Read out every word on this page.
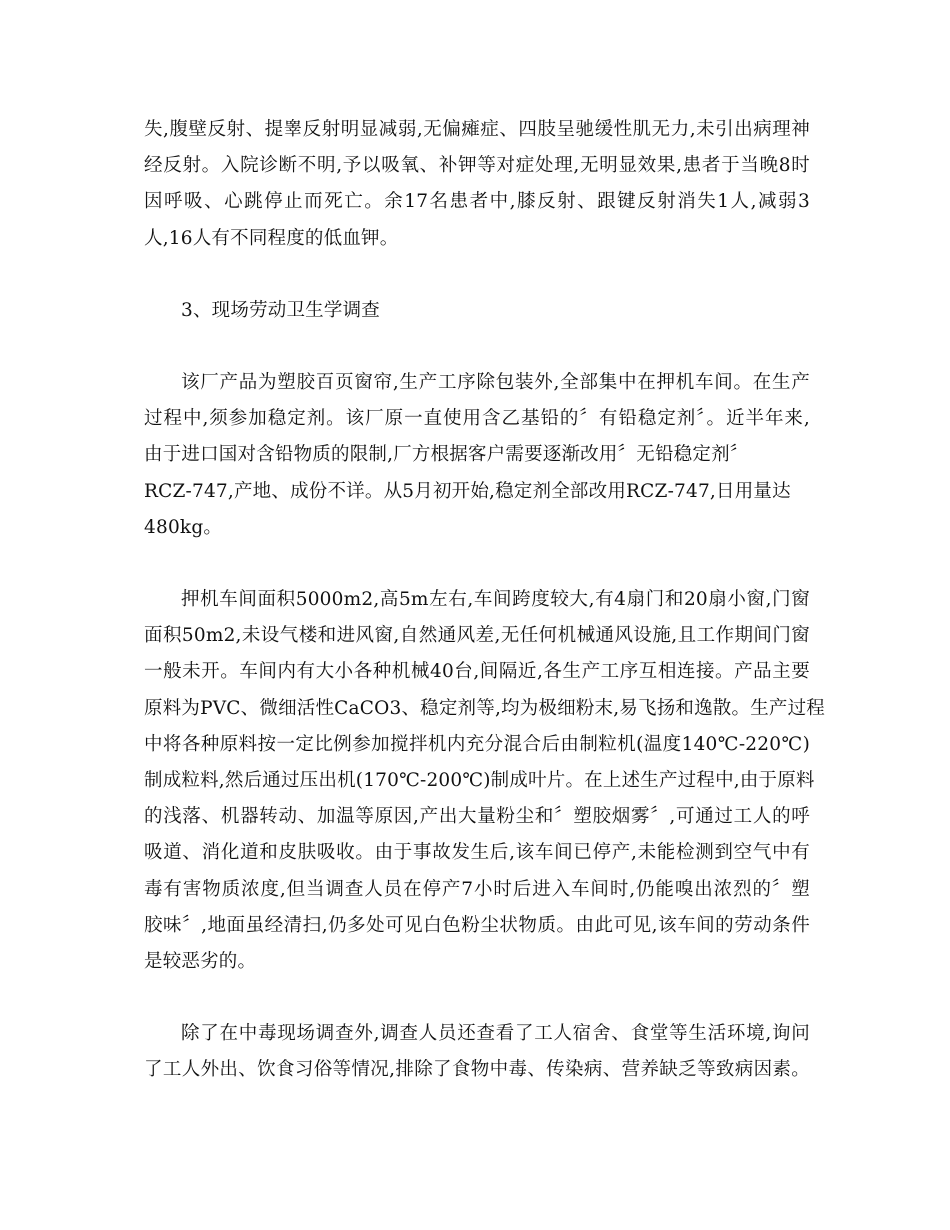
失,腹壁反射、提睾反射明显减弱,无偏瘫症、四肢呈驰缓性肌无力,未引出病理神
经反射。入院诊断不明,予以吸氧、补钾等对症处理,无明显效果,患者于当晚8时
因呼吸、心跳停止而死亡。余17名患者中,膝反射、跟键反射消失1人,减弱3
人,16人有不同程度的低血钾。

3、现场劳动卫生学调查

该厂产品为塑胶百页窗帘,生产工序除包装外,全部集中在押机车间。在生产
过程中,须参加稳定剂。该厂原一直使用含乙基铅的〞有铅稳定剂〞。近半年来,
由于进口国对含铅物质的限制,厂方根据客户需要逐渐改用〞无铅稳定剂〞
RCZ-747,产地、成份不详。从5月初开始,稳定剂全部改用RCZ-747,日用量达
480kg。

押机车间面积5000m2,高5m左右,车间跨度较大,有4扇门和20扇小窗,门窗
面积50m2,未设气楼和进风窗,自然通风差,无任何机械通风设施,且工作期间门窗
一般未开。车间内有大小各种机械40台,间隔近,各生产工序互相连接。产品主要
原料为PVC、微细活性CaCO3、稳定剂等,均为极细粉末,易飞扬和逸散。生产过程
中将各种原料按一定比例参加搅拌机内充分混合后由制粒机(温度140℃-220℃)
制成粒料,然后通过压出机(170℃-200℃)制成叶片。在上述生产过程中,由于原料
的浅落、机器转动、加温等原因,产出大量粉尘和〞塑胶烟雾〞,可通过工人的呼
吸道、消化道和皮肤吸收。由于事故发生后,该车间已停产,未能检测到空气中有
毒有害物质浓度,但当调查人员在停产7小时后进入车间时,仍能嗅出浓烈的〞塑
胶味〞,地面虽经清扫,仍多处可见白色粉尘状物质。由此可见,该车间的劳动条件
是较恶劣的。

除了在中毒现场调查外,调查人员还查看了工人宿舍、食堂等生活环境,询问
了工人外出、饮食习俗等情况,排除了食物中毒、传染病、营养缺乏等致病因素。
